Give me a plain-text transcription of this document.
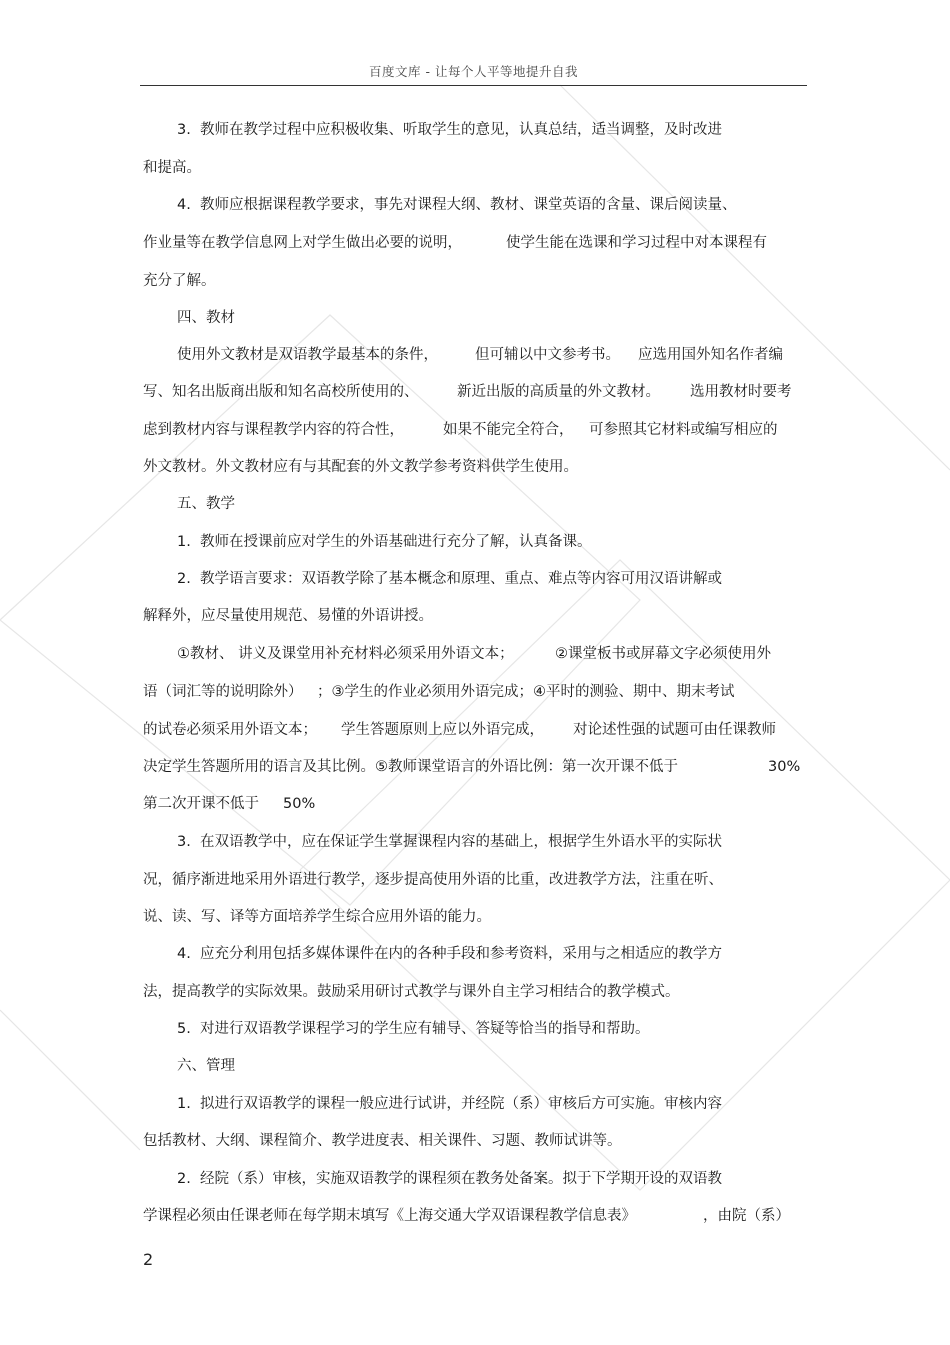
百度文库 - 让每个人平等地提升自我
3.  教师在教学过程中应积极收集、听取学生的意见，认真总结，适当调整，及时改进
和提高。
4.  教师应根据课程教学要求，事先对课程大纲、教材、课堂英语的含量、课后阅读量、
作业量等在教学信息网上对学生做出必要的说明，	使学生能在选课和学习过程中对本课程有
充分了解。
四、教材
使用外文教材是双语教学最基本的条件，	但可辅以中文参考书。 应选用国外知名作者编
写、知名出版商出版和知名高校所使用的、	新近出版的高质量的外文教材。 选用教材时要考
虑到教材内容与课程教学内容的符合性，	如果不能完全符合， 可参照其它材料或编写相应的
外文教材。外文教材应有与其配套的外文教学参考资料供学生使用。
五、教学
1.  教师在授课前应对学生的外语基础进行充分了解，认真备课。
2.  教学语言要求：双语教学除了基本概念和原理、重点、难点等内容可用汉语讲解或
解释外，应尽量使用规范、易懂的外语讲授。
①教材、 讲义及课堂用补充材料必须采用外语文本；	②课堂板书或屏幕文字必须使用外
语（词汇等的说明除外） ；③学生的作业必须用外语完成；④平时的测验、期中、期末考试
的试卷必须采用外语文本； 学生答题原则上应以外语完成， 对论述性强的试题可由任课教师
决定学生答题所用的语言及其比例。⑤教师课堂语言的外语比例：第一次开课不低于	30%
第二次开课不低于 50%
3.  在双语教学中，应在保证学生掌握课程内容的基础上，根据学生外语水平的实际状
况，循序渐进地采用外语进行教学，逐步提高使用外语的比重，改进教学方法，注重在听、
说、读、写、译等方面培养学生综合应用外语的能力。
4.  应充分利用包括多媒体课件在内的各种手段和参考资料，采用与之相适应的教学方
法，提高教学的实际效果。鼓励采用研讨式教学与课外自主学习相结合的教学模式。
5.  对进行双语教学课程学习的学生应有辅导、答疑等恰当的指导和帮助。
六、管理
1.  拟进行双语教学的课程一般应进行试讲，并经院（系）审核后方可实施。审核内容
包括教材、大纲、课程简介、教学进度表、相关课件、习题、教师试讲等。
2.  经院（系）审核，实施双语教学的课程须在教务处备案。拟于下学期开设的双语教
学课程必须由任课老师在每学期末填写《上海交通大学双语课程教学信息表》	，由院（系）
2
